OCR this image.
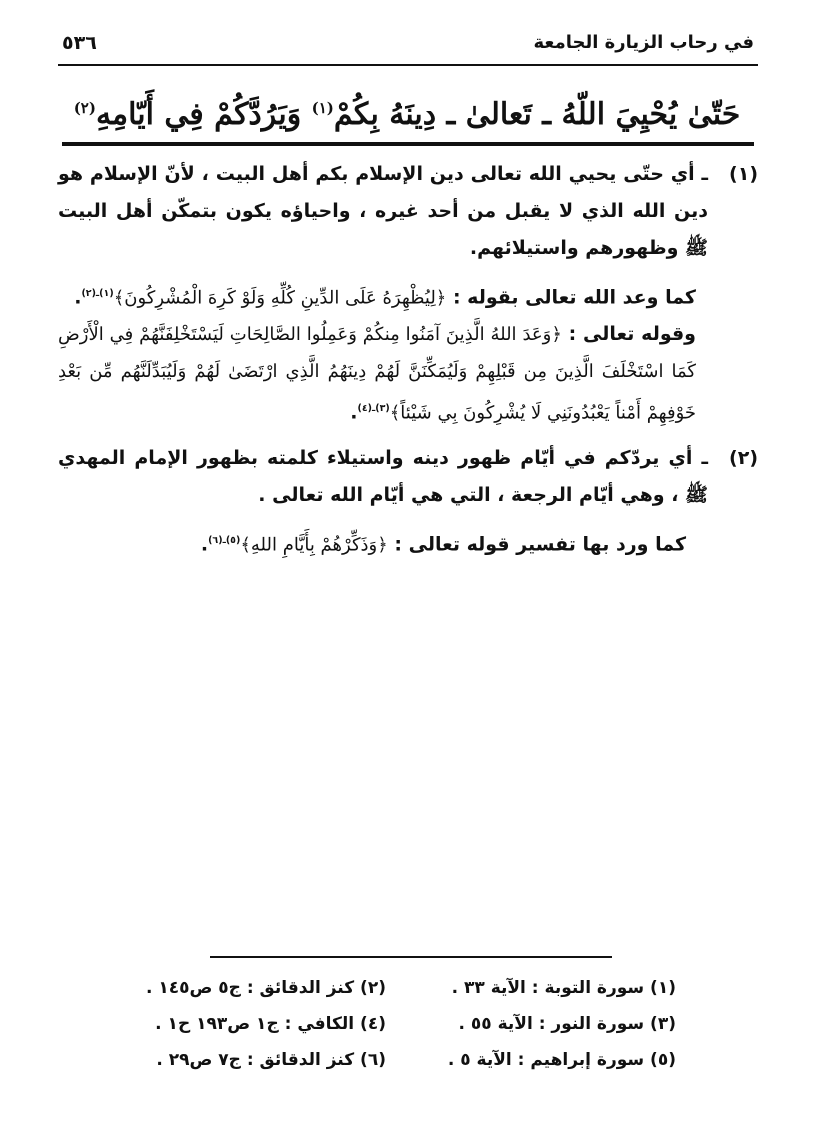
في رحاب الزيارة الجامعة
٥٣٦
حَتّىٰ يُحْيِيَ اللّهُ ـ تَعالىٰ ـ دِينَهُ بِكُمْ$^{(١)}$ وَيَرُدَّكُمْ فِي أَيّامِهِ$^{(٢)}$

(١)
ـ أي حتّى يحيي الله تعالى دين الإسلام بكم أهل البيت ، لأنّ الإسلام هو دين الله الذي لا يقبل من أحد غيره ، واحياؤه يكون بتمكّن أهل البيت ﷺ وظهورهم واستيلائهم.

كما وعد الله تعالى بقوله : ﴿لِيُظْهِرَهُ عَلَى الدِّينِ كُلِّهِ وَلَوْ كَرِهَ الْمُشْرِكُونَ﴾$^{(١)ـ(٢)}$.

وقوله تعالى : ﴿وَعَدَ اللهُ الَّذِينَ آمَنُوا مِنكُمْ وَعَمِلُوا الصَّالِحَاتِ لَيَسْتَخْلِفَنَّهُمْ فِي الْأَرْضِ كَمَا اسْتَخْلَفَ الَّذِينَ مِن قَبْلِهِمْ وَلَيُمَكِّنَنَّ لَهُمْ دِينَهُمُ الَّذِي ارْتَضَىٰ لَهُمْ وَلَيُبَدِّلَنَّهُم مِّن بَعْدِ خَوْفِهِمْ أَمْناً يَعْبُدُونَنِي لَا يُشْرِكُونَ بِي شَيْئاً﴾$^{(٣)ـ(٤)}$.

(٢)
ـ أي يردّكم في أيّام ظهور دينه واستيلاء كلمته بظهور الإمام المهدي ﷺ ، وهي أيّام الرجعة ، التي هي أيّام الله تعالى .

كما ورد بها تفسير قوله تعالى : ﴿وَذَكِّرْهُمْ بِأَيَّامِ اللهِ﴾$^{(٥)ـ(٦)}$.

(١) سورة التوبة : الآية ٣٣ .
(٢) كنز الدقائق : ج٥ ص١٤٥ .
(٣) سورة النور : الآية ٥٥ .
(٤) الكافي : ج١ ص١٩٣ ح١ .
(٥) سورة إبراهيم : الآية ٥ .
(٦) كنز الدقائق : ج٧ ص٢٩ .
